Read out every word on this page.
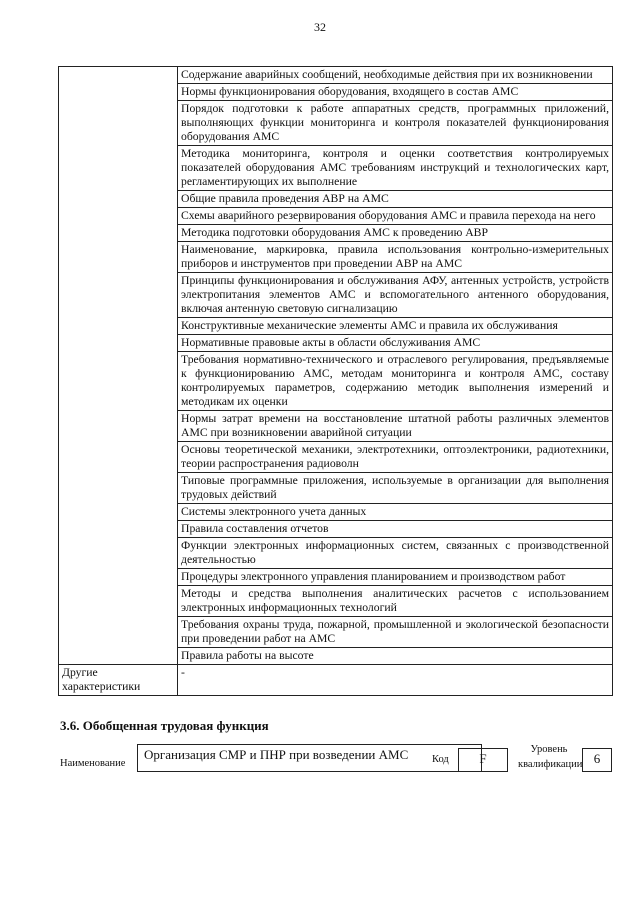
32
	Содержание аварийных сообщений, необходимые действия при их возникновении
	Нормы функционирования оборудования, входящего в состав АМС
	Порядок подготовки к работе аппаратных средств, программных приложений, выполняющих функции мониторинга и контроля показателей функционирования оборудования АМС
	Методика мониторинга, контроля и оценки соответствия контролируемых показателей оборудования АМС требованиям инструкций и технологических карт, регламентирующих их выполнение
	Общие правила проведения АВР на АМС
	Схемы аварийного резервирования оборудования АМС и правила перехода на него
	Методика подготовки оборудования АМС к проведению АВР
	Наименование, маркировка, правила использования контрольно-измерительных приборов и инструментов при проведении АВР на АМС
	Принципы функционирования и обслуживания АФУ, антенных устройств, устройств электропитания элементов АМС и вспомогательного антенного оборудования, включая антенную световую сигнализацию
	Конструктивные механические элементы АМС и правила их обслуживания
	Нормативные правовые акты в области обслуживания АМС
	Требования нормативно-технического и отраслевого регулирования, предъявляемые к функционированию АМС, методам мониторинга и контроля АМС, составу контролируемых параметров, содержанию методик выполнения измерений и методикам их оценки
	Нормы затрат времени на восстановление штатной работы различных элементов АМС при возникновении аварийной ситуации
	Основы теоретической механики, электротехники, оптоэлектроники, радиотехники, теории распространения радиоволн
	Типовые программные приложения, используемые в организации для выполнения трудовых действий
	Системы электронного учета данных
	Правила составления отчетов
	Функции электронных информационных систем, связанных с производственной деятельностью
	Процедуры электронного управления планированием и производством работ
	Методы и средства выполнения аналитических расчетов с использованием электронных информационных технологий
	Требования охраны труда, пожарной, промышленной и экологической безопасности при проведении работ на АМС
	Правила работы на высоте
Другие характеристики	-
3.6. Обобщенная трудовая функция
Наименование
Организация СМР и ПНР при возведении АМС	Код	F
Уровень квалификации 6
